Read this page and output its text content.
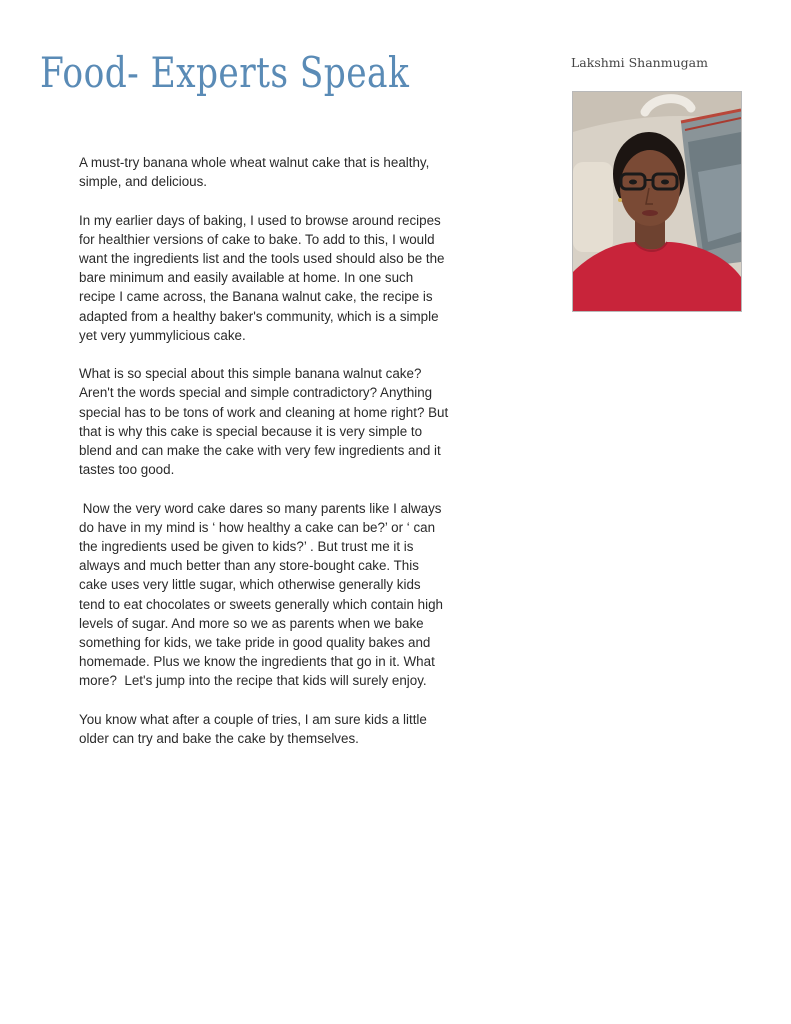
Food- Experts Speak	Lakshmi Shanmugam

A must-try banana whole wheat walnut cake that is healthy, simple, and delicious.

In my earlier days of baking, I used to browse around recipes for healthier versions of cake to bake. To add to this, I would want the ingredients list and the tools used should also be the bare minimum and easily available at home. In one such recipe I came across, the Banana walnut cake, the recipe is adapted from a healthy baker's community, which is a simple yet very yummylicious cake.

What is so special about this simple banana walnut cake? Aren't the words special and simple contradictory? Anything special has to be tons of work and cleaning at home right? But that is why this cake is special because it is very simple to blend and can make the cake with very few ingredients and it tastes too good.

Now the very word cake dares so many parents like I always do have in my mind is ‘ how healthy a cake can be?’ or ‘ can the ingredients used be given to kids?’ . But trust me it is always and much better than any store-bought cake. This cake uses very little sugar, which otherwise generally kids tend to eat chocolates or sweets generally which contain high levels of sugar. And more so we as parents when we bake something for kids, we take pride in good quality bakes and homemade. Plus we know the ingredients that go in it. What more?  Let's jump into the recipe that kids will surely enjoy.

You know what after a couple of tries, I am sure kids a little older can try and bake the cake by themselves.
